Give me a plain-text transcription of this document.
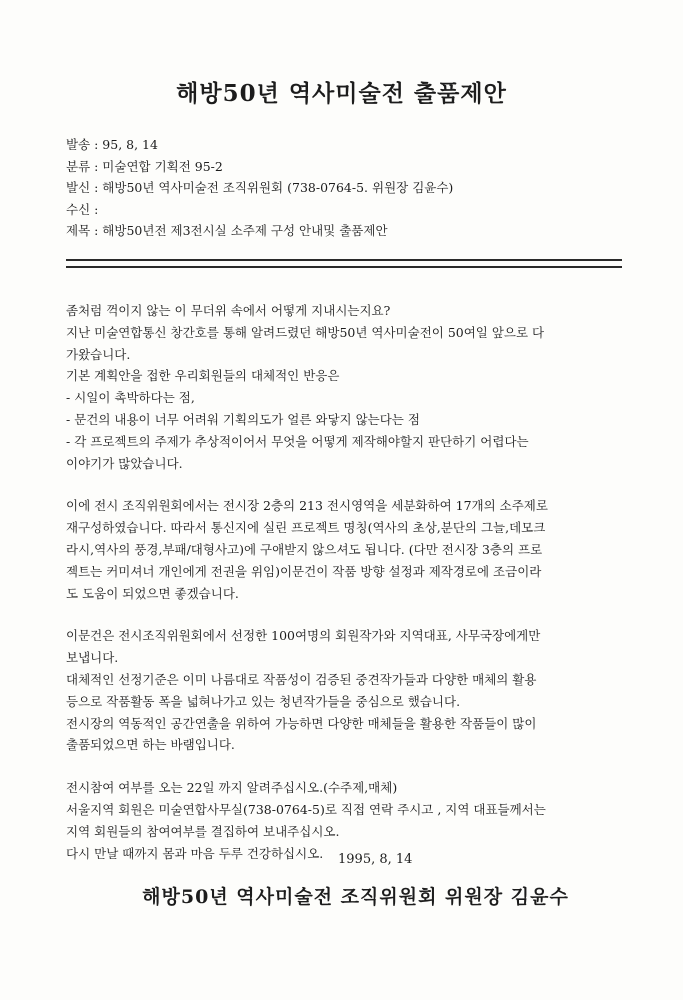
해방50년 역사미술전 출품제안
발송 : 95, 8, 14
분류 : 미술연합 기획전 95-2
발신 : 해방50년 역사미술전 조직위원회 (738-0764-5. 위원장 김윤수)
수신 :
제목 : 해방50년전 제3전시실 소주제 구성 안내및 출품제안
좀처럼 꺽이지 않는 이 무더위 속에서 어떻게 지내시는지요?
지난 미술연합통신 창간호를 통해 알려드렸던 해방50년 역사미술전이 50여일 앞으로 다
가왔습니다.
기본 계획안을 접한 우리회원들의 대체적인 반응은
- 시일이 촉박하다는 점,
- 문건의 내용이 너무 어려워 기획의도가 얼른 와닿지 않는다는 점
- 각 프로젝트의 주제가 추상적이어서 무엇을 어떻게 제작해야할지 판단하기 어렵다는
이야기가 많았습니다.
이에 전시 조직위원회에서는 전시장 2층의 213 전시영역을 세분화하여 17개의 소주제로
재구성하였습니다. 따라서 통신지에 실린 프로젝트 명칭(역사의 초상,분단의 그늘,데모크
라시,역사의 풍경,부패/대형사고)에 구애받지 않으셔도 됩니다. (다만 전시장 3층의 프로
젝트는 커미셔너 개인에게 전권을 위임)이문건이 작품 방향 설정과 제작경로에 조금이라
도 도움이 되었으면 좋겠습니다.
이문건은 전시조직위원회에서 선정한 100여명의 회원작가와 지역대표, 사무국장에게만
보냅니다.
대체적인 선정기준은 이미 나름대로 작품성이 검증된 중견작가들과 다양한 매체의 활용
등으로 작품활동 폭을 넓혀나가고 있는 청년작가들을 중심으로 했습니다.
전시장의 역동적인 공간연출을 위하여 가능하면 다양한 매체들을 활용한 작품들이 많이
출품되었으면 하는 바램입니다.
전시참여 여부를 오는 22일 까지 알려주십시오.(수주제,매체)
서울지역 회원은 미술연합사무실(738-0764-5)로 직접 연락 주시고 , 지역 대표들께서는
지역 회원들의 참여여부를 결집하여 보내주십시오.
다시 만날 때까지 몸과 마음 두루 건강하십시오.	1995, 8, 14
해방50년 역사미술전 조직위원회 위원장 김윤수
